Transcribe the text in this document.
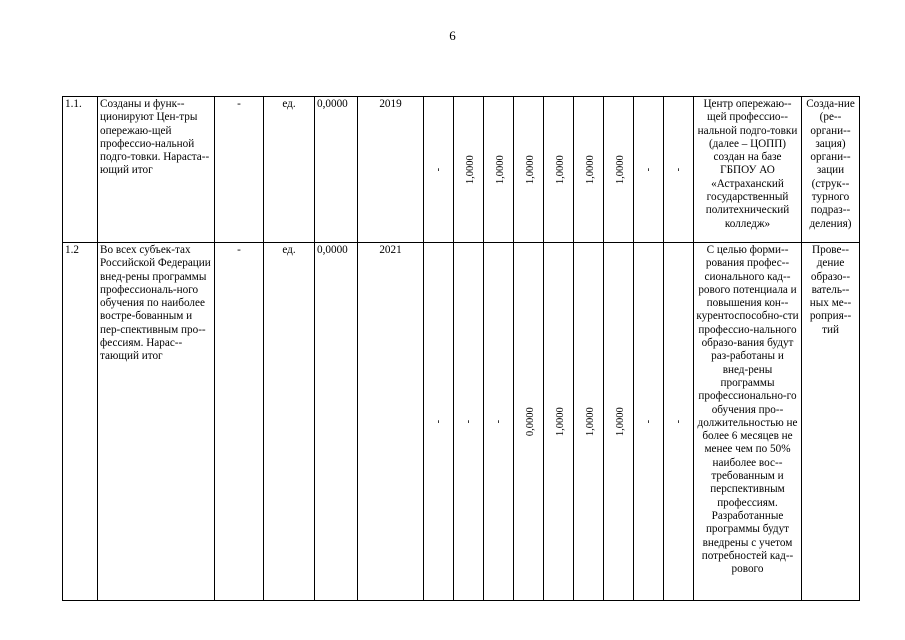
6
1.1.	Созданы и функ-ционируют Цен-тры опережаю-щей профессио-нальной подго-товки. Нараста-ющий итог	-	ед.	0,0000	2019	-	1,0000	1,0000	1,0000	1,0000	1,0000	1,0000	-	-	Центр опережаю-щей профессио-нальной подго-товки (далее – ЦОПП) создан на базе ГБПОУ АО «Астраханский государственный политехнический колледж»	Созда-ние (ре-органи-зация) органи-зации (струк-турного подраз-деления)
1.2	Во всех субъек-тах Российской Федерации внед-рены программы профессиональ-ного обучения по наиболее востре-бованным и пер-спективным про-фессиям. Нарас-тающий итог	-	ед.	0,0000	2021	-	-	-	0,0000	1,0000	1,0000	1,0000	-	-	С целью форми-рования профес-сионального кад-рового потенциала и повышения кон-курентоспособно-сти профессио-нального образо-вания будут раз-работаны и внед-рены программы профессионально-го обучения про-должительностью не более 6 месяцев не менее чем по 50% наиболее вос-требованным и перспективным профессиям. Разработанные программы будут внедрены с учетом потребностей кад-рового	Прове-дение образо-ватель-ных ме-роприя-тий
